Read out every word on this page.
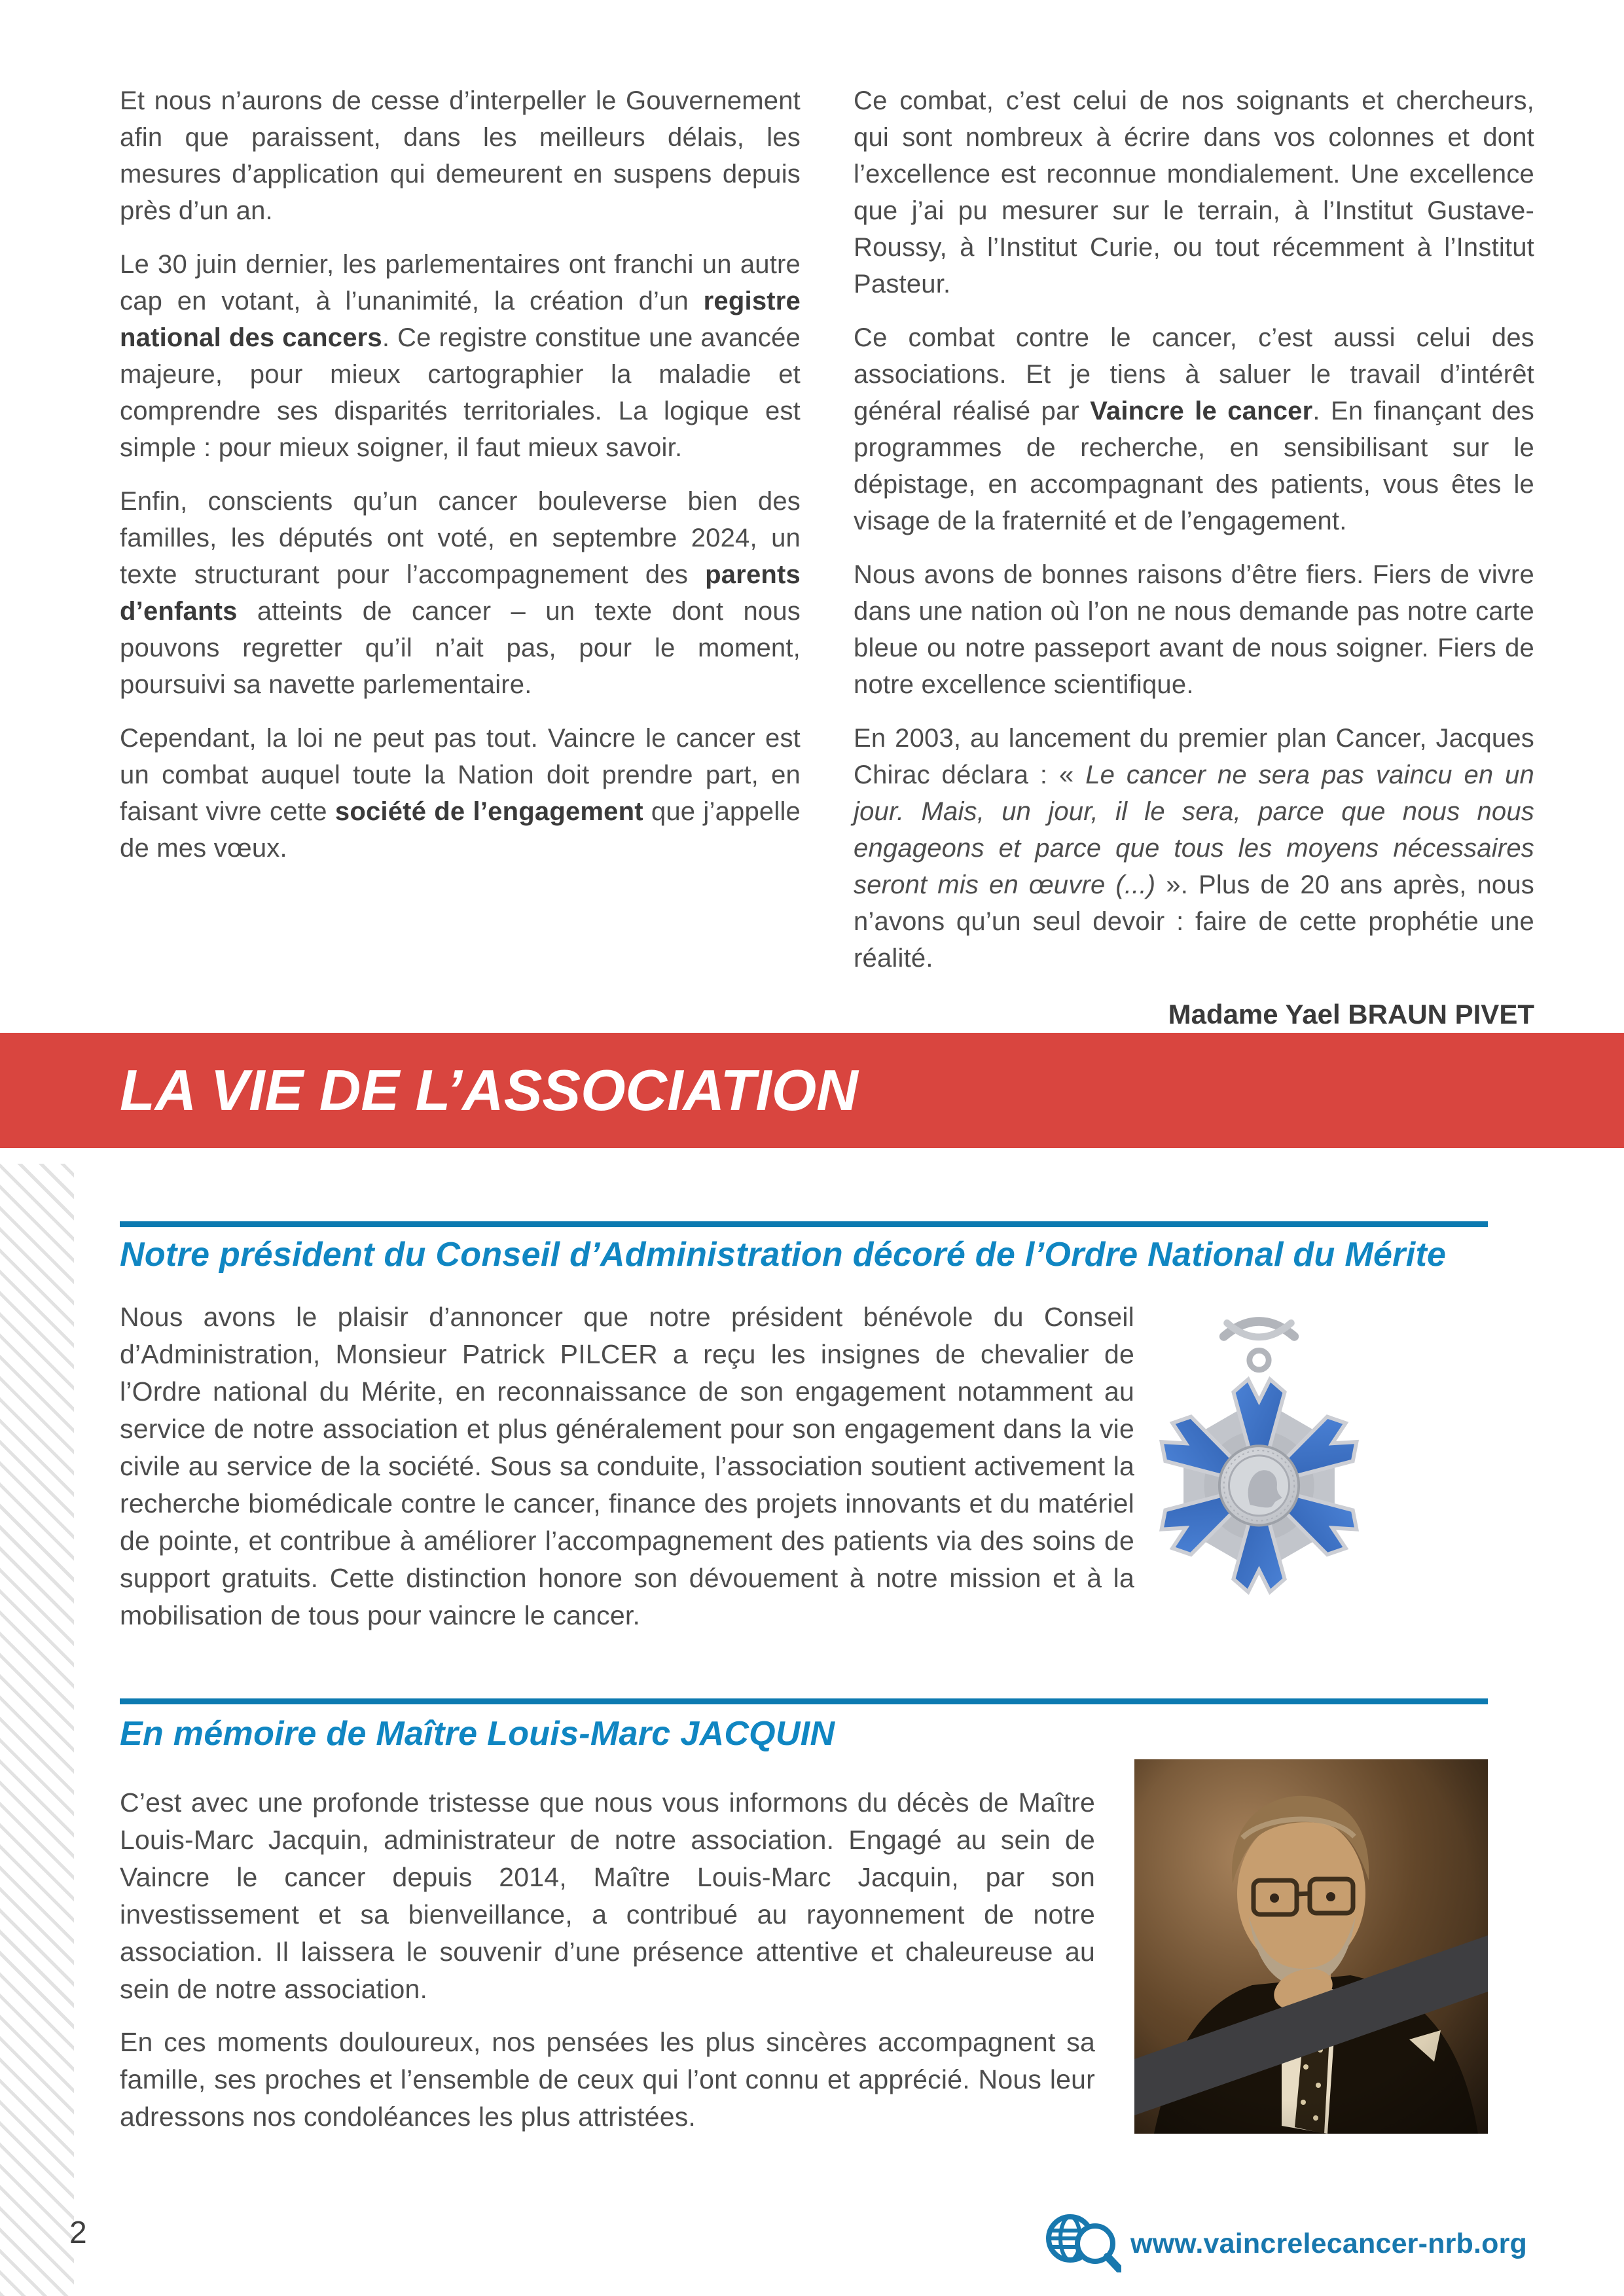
Et nous n’aurons de cesse d’interpeller le Gouvernement afin que paraissent, dans les meilleurs délais, les mesures d’application qui demeurent en suspens depuis près d’un an.

Le 30 juin dernier, les parlementaires ont franchi un autre cap en votant, à l’unanimité, la création d’un registre national des cancers. Ce registre constitue une avancée majeure, pour mieux cartographier la maladie et comprendre ses disparités territoriales. La logique est simple : pour mieux soigner, il faut mieux savoir.

Enfin, conscients qu’un cancer bouleverse bien des familles, les députés ont voté, en septembre 2024, un texte structurant pour l’accompagnement des parents d’enfants atteints de cancer – un texte dont nous pouvons regretter qu’il n’ait pas, pour le moment, poursuivi sa navette parlementaire.

Cependant, la loi ne peut pas tout. Vaincre le cancer est un combat auquel toute la Nation doit prendre part, en faisant vivre cette société de l’engagement que j’appelle de mes vœux.

Ce combat, c’est celui de nos soignants et chercheurs, qui sont nombreux à écrire dans vos colonnes et dont l’excellence est reconnue mondialement. Une excellence que j’ai pu mesurer sur le terrain, à l’Institut Gustave-Roussy, à l’Institut Curie, ou tout récemment à l’Institut Pasteur.

Ce combat contre le cancer, c’est aussi celui des associations. Et je tiens à saluer le travail d’intérêt général réalisé par Vaincre le cancer. En finançant des programmes de recherche, en sensibilisant sur le dépistage, en accompagnant des patients, vous êtes le visage de la fraternité et de l’engagement.

Nous avons de bonnes raisons d’être fiers. Fiers de vivre dans une nation où l’on ne nous demande pas notre carte bleue ou notre passeport avant de nous soigner. Fiers de notre excellence scientifique.

En 2003, au lancement du premier plan Cancer, Jacques Chirac déclara : « Le cancer ne sera pas vaincu en un jour. Mais, un jour, il le sera, parce que nous nous engageons et parce que tous les moyens nécessaires seront mis en œuvre (...) ». Plus de 20 ans après, nous n’avons qu’un seul devoir : faire de cette prophétie une réalité.

Madame Yael BRAUN PIVET
LA VIE DE L’ASSOCIATION
Notre président du Conseil d’Administration décoré de l’Ordre National du Mérite

Nous avons le plaisir d’annoncer que notre président bénévole du Conseil d’Administration, Monsieur Patrick PILCER a reçu les insignes de chevalier de l’Ordre national du Mérite, en reconnaissance de son engagement notamment au service de notre association et plus généralement pour son engagement dans la vie civile au service de la société. Sous sa conduite, l’association soutient activement la recherche biomédicale contre le cancer, finance des projets innovants et du matériel de pointe, et contribue à améliorer l’accompagnement des patients via des soins de support gratuits. Cette distinction honore son dévouement à notre mission et à la mobilisation de tous pour vaincre le cancer.

En mémoire de Maître Louis-Marc JACQUIN

C’est avec une profonde tristesse que nous vous informons du décès de Maître Louis-Marc Jacquin, administrateur de notre association. Engagé au sein de Vaincre le cancer depuis 2014, Maître Louis-Marc Jacquin, par son investissement et sa bienveillance, a contribué au rayonnement de notre association. Il laissera le souvenir d’une présence attentive et chaleureuse au sein de notre association.

En ces moments douloureux, nos pensées les plus sincères accompagnent sa famille, ses proches et l’ensemble de ceux qui l’ont connu et apprécié. Nous leur adressons nos condoléances les plus attristées.

2	www.vaincrelecancer-nrb.org
